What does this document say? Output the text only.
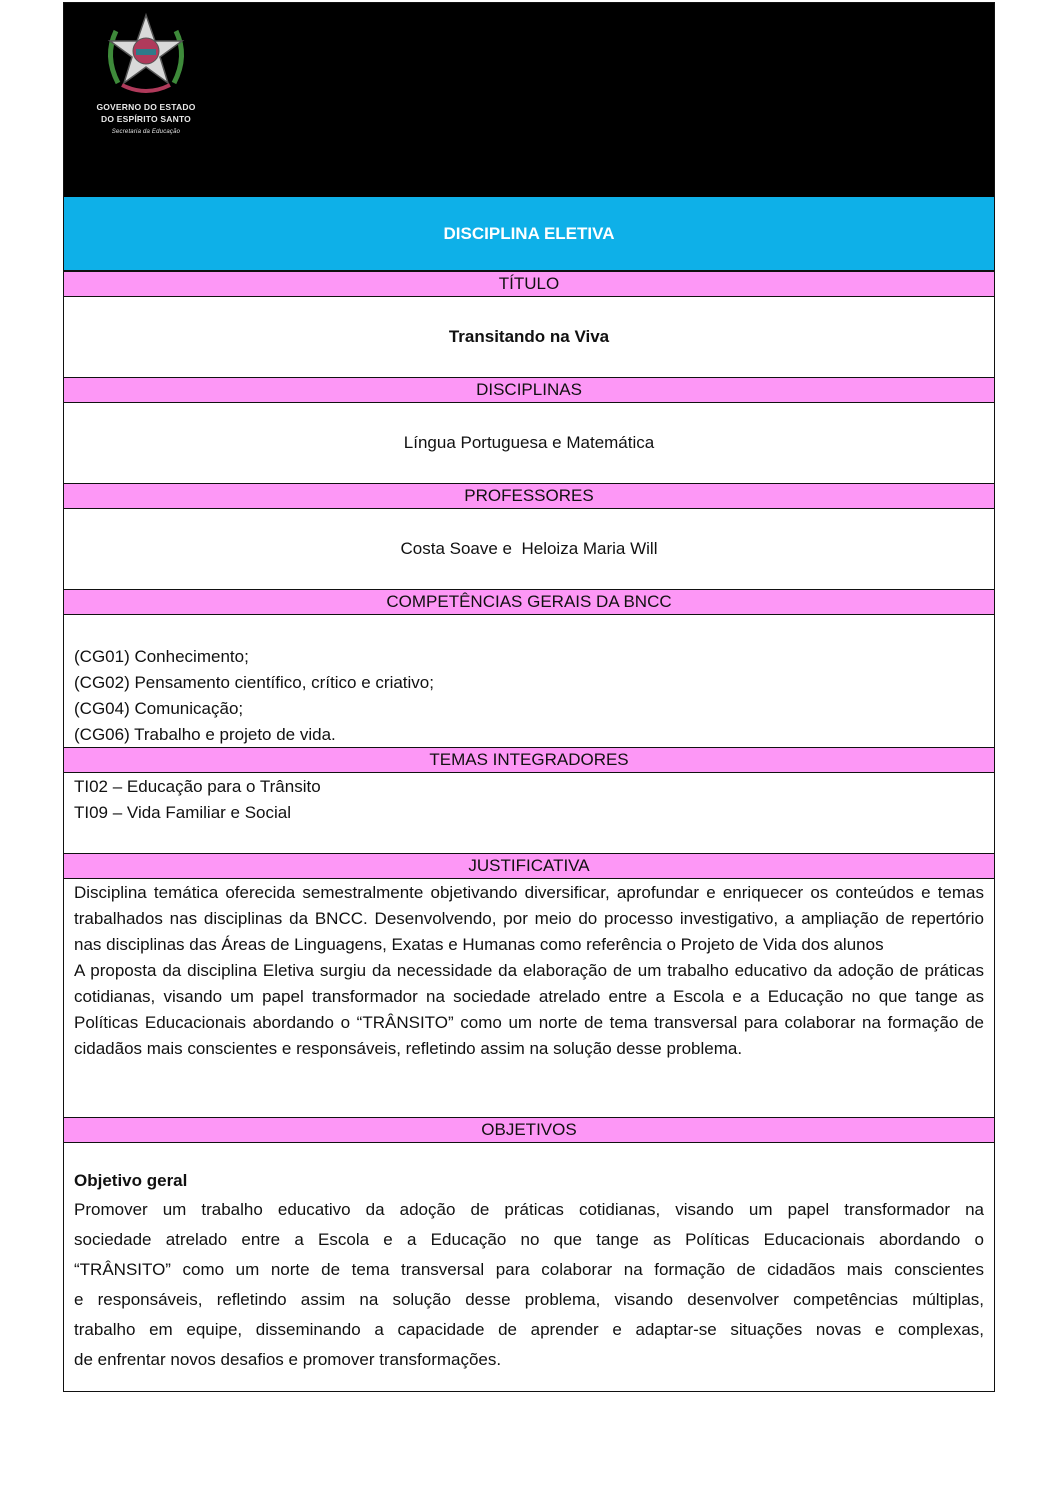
GOVERNO DO ESTADO
DO ESPÍRITO SANTO
Secretaria da Educação
DISCIPLINA ELETIVA
TÍTULO
Transitando na Viva
DISCIPLINAS
Língua Portuguesa e Matemática
PROFESSORES
Costa Soave e  Heloiza Maria Will
COMPETÊNCIAS GERAIS DA BNCC
(CG01) Conhecimento;
(CG02) Pensamento científico, crítico e criativo;
(CG04) Comunicação;
(CG06) Trabalho e projeto de vida.
TEMAS INTEGRADORES
TI02 – Educação para o Trânsito
TI09 – Vida Familiar e Social
JUSTIFICATIVA
Disciplina temática oferecida semestralmente objetivando diversificar, aprofundar e enriquecer os conteúdos e temas trabalhados nas disciplinas da BNCC. Desenvolvendo, por meio do processo investigativo, a ampliação de repertório nas disciplinas das Áreas de Linguagens, Exatas e Humanas como referência o Projeto de Vida dos alunos
A proposta da disciplina Eletiva surgiu da necessidade da elaboração de um trabalho educativo da adoção de práticas cotidianas, visando um papel transformador na sociedade atrelado entre a Escola e a Educação no que tange as Políticas Educacionais abordando o “TRÂNSITO” como um norte de tema transversal para colaborar na formação de cidadãos mais conscientes e responsáveis, refletindo assim na solução desse problema.
OBJETIVOS
Objetivo geral
Promover um trabalho educativo da adoção de práticas cotidianas, visando um papel transformador na
sociedade atrelado entre a Escola e a Educação no que tange as Políticas Educacionais abordando o
“TRÂNSITO” como um norte de tema transversal para colaborar na formação de cidadãos mais conscientes
e responsáveis, refletindo assim na solução desse problema, visando desenvolver competências múltiplas,
trabalho em equipe, disseminando a capacidade de aprender e adaptar-se situações novas e complexas,
de enfrentar novos desafios e promover transformações.
